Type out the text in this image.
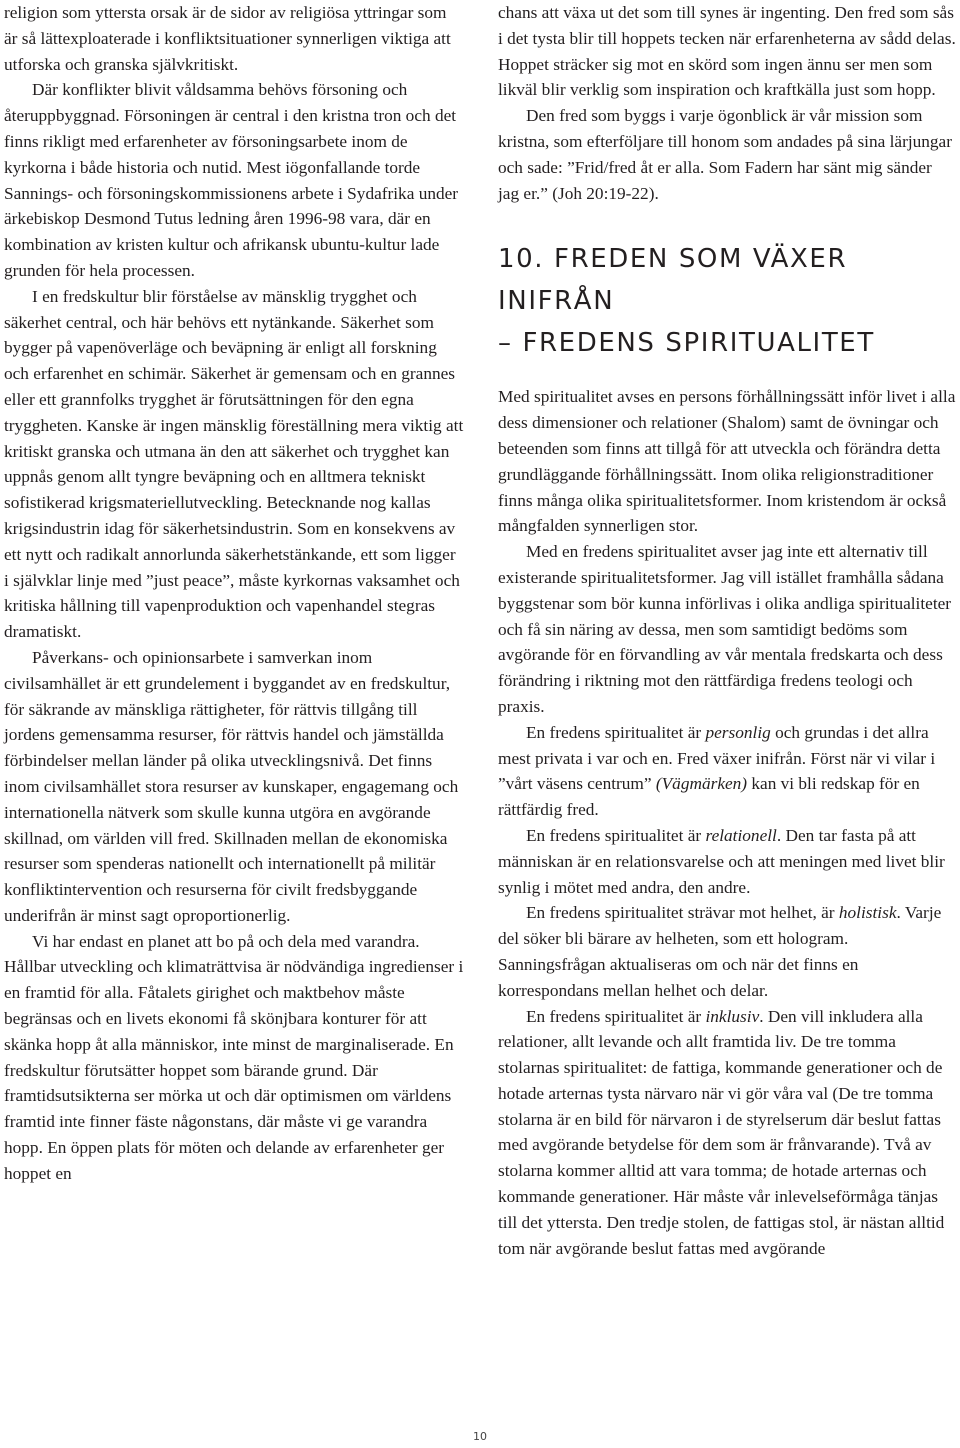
religion som yttersta orsak är de sidor av religiösa yttringar som är så lättexploaterade i konfliktsituationer synnerligen viktiga att utforska och granska självkritiskt.

Där konflikter blivit våldsamma behövs försoning och återuppbyggnad. Försoningen är central i den kristna tron och det finns rikligt med erfarenheter av försoningsarbete inom de kyrkorna i både historia och nutid. Mest iögonfallande torde Sannings- och försoningskommissionens arbete i Sydafrika under ärkebiskop Desmond Tutus ledning åren 1996-98 vara, där en kombination av kristen kultur och afrikansk ubuntu-kultur lade grunden för hela processen.

I en fredskultur blir förståelse av mänsklig trygghet och säkerhet central, och här behövs ett nytänkande. Säkerhet som bygger på vapenöverläge och beväpning är enligt all forskning och erfarenhet en schimär. Säkerhet är gemensam och en grannes eller ett grannfolks trygghet är förutsättningen för den egna tryggheten. Kanske är ingen mänsklig föreställning mera viktig att kritiskt granska och utmana än den att säkerhet och trygghet kan uppnås genom allt tyngre beväpning och en alltmera tekniskt sofistikerad krigsmateriellutveckling. Betecknande nog kallas krigsindustrin idag för säkerhetsindustrin. Som en konsekvens av ett nytt och radikalt annorlunda säkerhetstänkande, ett som ligger i självklar linje med ”just peace”, måste kyrkornas vaksamhet och kritiska hållning till vapenproduktion och vapenhandel stegras dramatiskt.

Påverkans- och opinionsarbete i samverkan inom civilsamhället är ett grundelement i byggandet av en fredskultur, för säkrande av mänskliga rättigheter, för rättvis tillgång till jordens gemensamma resurser, för rättvis handel och jämställda förbindelser mellan länder på olika utvecklingsnivå. Det finns inom civilsamhället stora resurser av kunskaper, engagemang och internationella nätverk som skulle kunna utgöra en avgörande skillnad, om världen vill fred. Skillnaden mellan de ekonomiska resurser som spenderas nationellt och internationellt på militär konfliktintervention och resurserna för civilt fredsbyggande underifrån är minst sagt oproportionerlig.

Vi har endast en planet att bo på och dela med varandra. Hållbar utveckling och klimaträttvisa är nödvändiga ingredienser i en framtid för alla. Fåtalets girighet och maktbehov måste begränsas och en livets ekonomi få skönjbara konturer för att skänka hopp åt alla människor, inte minst de marginaliserade. En fredskultur förutsätter hoppet som bärande grund. Där framtidsutsikterna ser mörka ut och där optimismen om världens framtid inte finner fäste någonstans, där måste vi ge varandra hopp. En öppen plats för möten och delande av erfarenheter ger hoppet en

chans att växa ut det som till synes är ingenting. Den fred som sås i det tysta blir till hoppets tecken när erfarenheterna av sådd delas. Hoppet sträcker sig mot en skörd som ingen ännu ser men som likväl blir verklig som inspiration och kraftkälla just som hopp.

Den fred som byggs i varje ögonblick är vår mission som kristna, som efterföljare till honom som andades på sina lärjungar och sade: ”Frid/fred åt er alla. Som Fadern har sänt mig sänder jag er.” (Joh 20:19-22).

10. FREDEN SOM VÄXER INIFRÅN
– FREDENS SPIRITUALITET

Med spiritualitet avses en persons förhållningssätt inför livet i alla dess dimensioner och relationer (Shalom) samt de övningar och beteenden som finns att tillgå för att utveckla och förändra detta grundläggande förhållningssätt. Inom olika religionstraditioner finns många olika spiritualitetsformer. Inom kristendom är också mångfalden synnerligen stor.

Med en fredens spiritualitet avser jag inte ett alternativ till existerande spiritualitetsformer. Jag vill istället framhålla sådana byggstenar som bör kunna införlivas i olika andliga spiritualiteter och få sin näring av dessa, men som samtidigt bedöms som avgörande för en förvandling av vår mentala fredskarta och dess förändring i riktning mot den rättfärdiga fredens teologi och praxis.

En fredens spiritualitet är personlig och grundas i det allra mest privata i var och en. Fred växer inifrån. Först när vi vilar i ”vårt väsens centrum” (Vägmärken) kan vi bli redskap för en rättfärdig fred.

En fredens spiritualitet är relationell. Den tar fasta på att människan är en relationsvarelse och att meningen med livet blir synlig i mötet med andra, den andre.

En fredens spiritualitet strävar mot helhet, är holistisk. Varje del söker bli bärare av helheten, som ett hologram. Sanningsfrågan aktualiseras om och när det finns en korrespondans mellan helhet och delar.

En fredens spiritualitet är inklusiv. Den vill inkludera alla relationer, allt levande och allt framtida liv. De tre tomma stolarnas spiritualitet: de fattiga, kommande generationer och de hotade arternas tysta närvaro när vi gör våra val (De tre tomma stolarna är en bild för närvaron i de styrelserum där beslut fattas med avgörande betydelse för dem som är frånvarande). Två av stolarna kommer alltid att vara tomma; de hotade arternas och kommande generationer. Här måste vår inlevelseförmåga tänjas till det yttersta. Den tredje stolen, de fattigas stol, är nästan alltid tom när avgörande beslut fattas med avgörande

10
